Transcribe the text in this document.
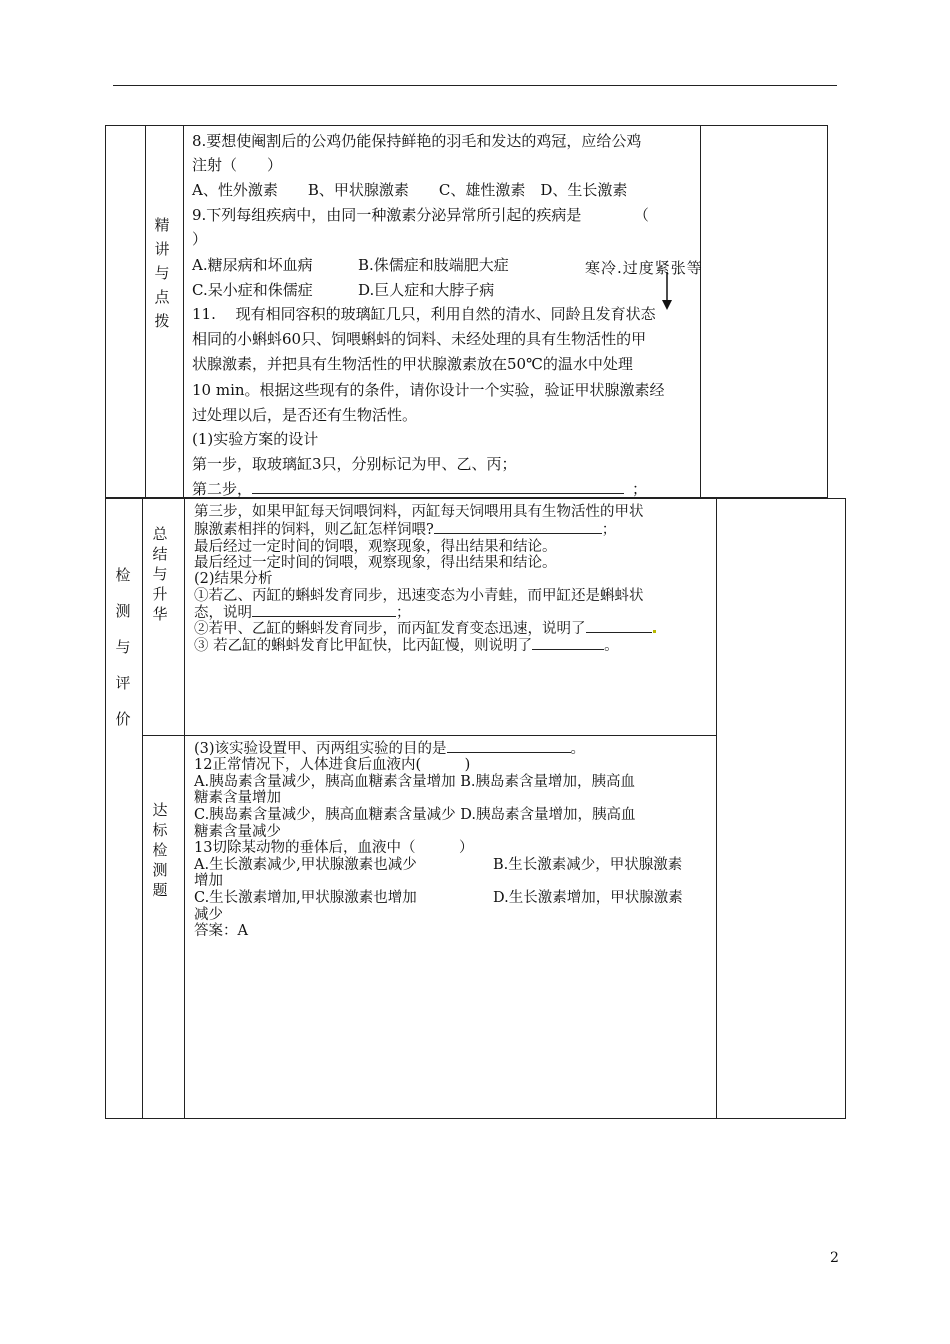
精
讲
与
点
拨
8.要想使阉割后的公鸡仍能保持鲜艳的羽毛和发达的鸡冠，应给公鸡
注射（　　）
A、性外激素　　B、甲状腺激素　　C、雄性激素　D、生长激素
9.下列每组疾病中，由同一种激素分泌异常所引起的疾病是　　　　（
）
A.糖尿病和坏血病	B.侏儒症和肢端肥大症
C.呆小症和侏儒症	D.巨人症和大脖子病
寒冷.过度紧张等
11.　 现有相同容积的玻璃缸几只，利用自然的清水、同龄且发育状态
相同的小蝌蚪60只、饲喂蝌蚪的饲料、未经处理的具有生物活性的甲
状腺激素，并把具有生物活性的甲状腺激素放在50℃的温水中处理
10 min。根据这些现有的条件，请你设计一个实验，验证甲状腺激素经
过处理以后，是否还有生物活性。
(1)实验方案的设计
第一步，取玻璃缸3只，分别标记为甲、乙、丙；
第二步，	；
检
测
与
评
价
总
结
与
升
华
达
标
检
测
题
第三步，如果甲缸每天饲喂饲料，丙缸每天饲喂用具有生物活性的甲状
腺激素相拌的饲料，则乙缸怎样饲喂?	；
最后经过一定时间的饲喂，观察现象，得出结果和结论。
最后经过一定时间的饲喂，观察现象，得出结果和结论。
(2)结果分析
①若乙、丙缸的蝌蚪发育同步，迅速变态为小青蛙，而甲缸还是蝌蚪状
态，说明	；
②若甲、乙缸的蝌蚪发育同步，而丙缸发育变态迅速，说明了
③ 若乙缸的蝌蚪发育比甲缸快，比丙缸慢，则说明了	。
(3)该实验设置甲、丙两组实验的目的是	。
12正常情况下，人体进食后血液内(　　　)
A.胰岛素含量减少，胰高血糖素含量增加 B.胰岛素含量增加，胰高血
糖素含量增加
C.胰岛素含量减少，胰高血糖素含量减少 D.胰岛素含量增加，胰高血
糖素含量减少
13切除某动物的垂体后，血液中（　　　）
A.生长激素减少,甲状腺激素也减少	B.生长激素减少，甲状腺激素
增加
C.生长激素增加,甲状腺激素也增加	D.生长激素增加，甲状腺激素
减少
答案：A
2
